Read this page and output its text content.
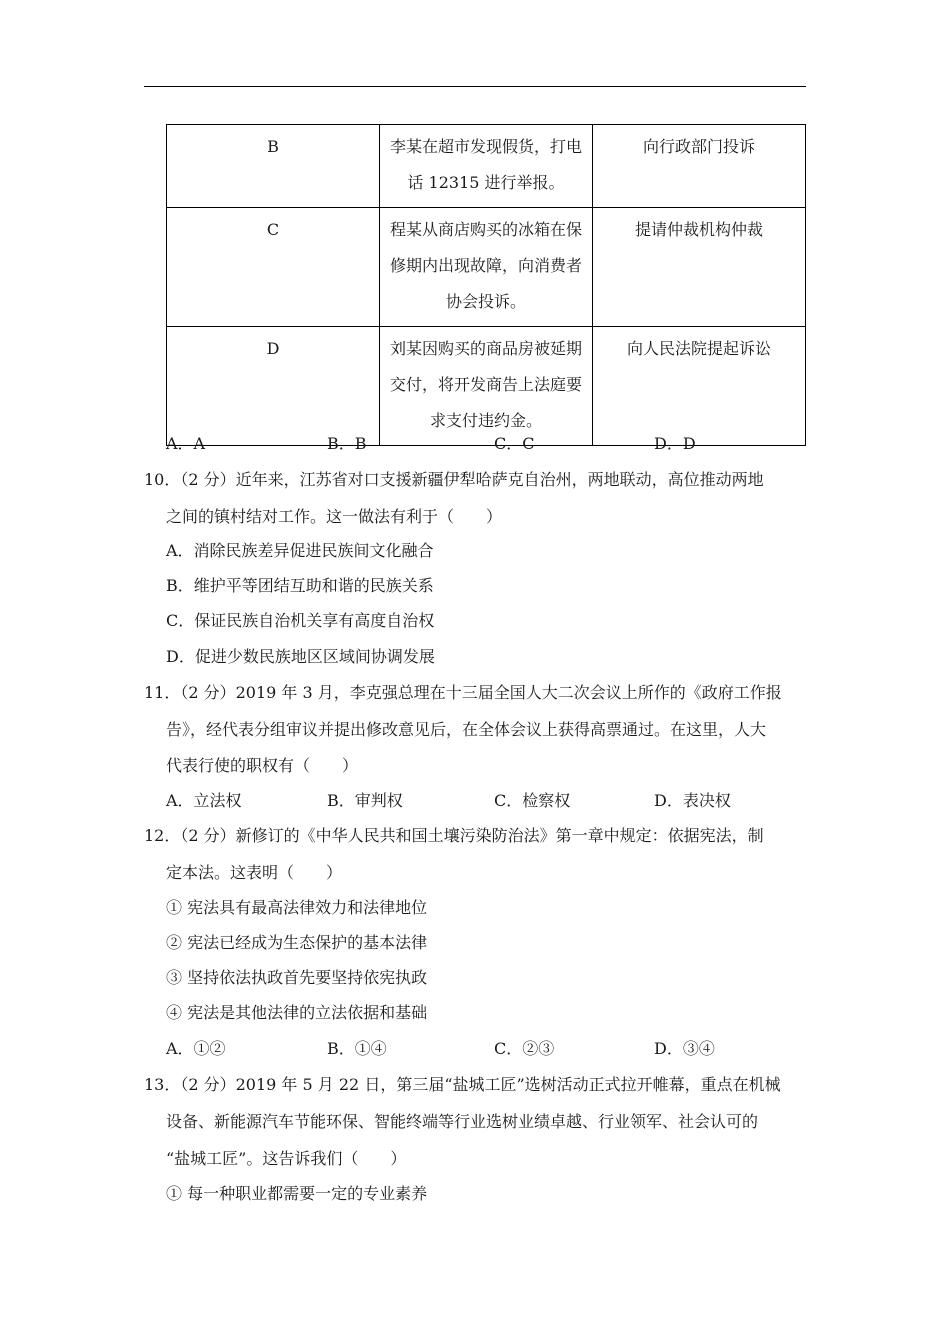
B	李某在超市发现假货，打电
话 12315 进行举报。	向行政部门投诉
C	程某从商店购买的冰箱在保
修期内出现故障，向消费者
协会投诉。	提请仲裁机构仲裁
D	刘某因购买的商品房被延期
交付，将开发商告上法庭要
求支付违约金。	向人民法院提起诉讼
A．A	B．B	C．C	D．D
10．（2 分）近年来，江苏省对口支援新疆伊犁哈萨克自治州，两地联动，高位推动两地
之间的镇村结对工作。这一做法有利于（　　）
A．消除民族差异促进民族间文化融合
B．维护平等团结互助和谐的民族关系
C．保证民族自治机关享有高度自治权
D．促进少数民族地区区域间协调发展
11．（2 分）2019 年 3 月，李克强总理在十三届全国人大二次会议上所作的《政府工作报
告》，经代表分组审议并提出修改意见后，在全体会议上获得高票通过。在这里，人大
代表行使的职权有（　　）
A．立法权	B．审判权	C．检察权	D．表决权
12．（2 分）新修订的《中华人民共和国土壤污染防治法》第一章中规定：依据宪法，制
定本法。这表明（　　）
① 宪法具有最高法律效力和法律地位
② 宪法已经成为生态保护的基本法律
③ 坚持依法执政首先要坚持依宪执政
④ 宪法是其他法律的立法依据和基础
A．①②	B．①④	C．②③	D．③④
13．（2 分）2019 年 5 月 22 日，第三届“盐城工匠”选树活动正式拉开帷幕，重点在机械
设备、新能源汽车节能环保、智能终端等行业选树业绩卓越、行业领军、社会认可的
“盐城工匠”。这告诉我们（　　）
① 每一种职业都需要一定的专业素养
